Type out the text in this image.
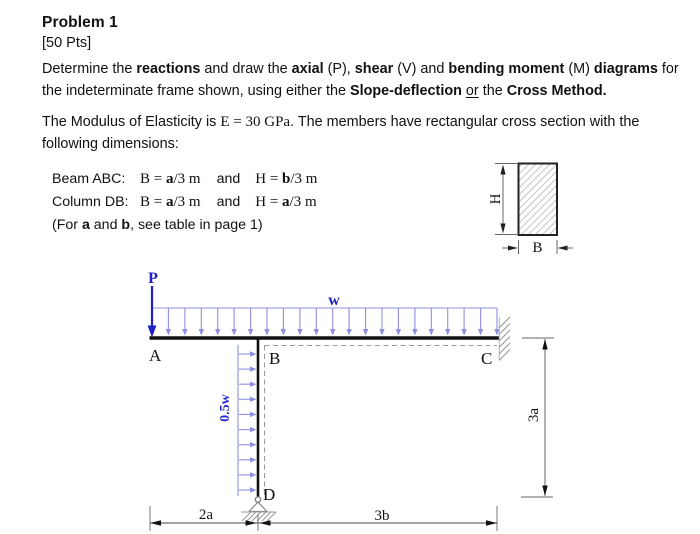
Problem 1
[50 Pts]

Determine the reactions and draw the axial (P), shear (V) and bending moment (M) diagrams for the indeterminate frame shown, using either the Slope-deflection or the Cross Method.

The Modulus of Elasticity is E = 30 GPa. The members have rectangular cross section with the following dimensions:

Beam ABC: B = a/3 m and H = b/3 m
Column DB: B = a/3 m and H = a/3 m
(For a and b, see table in page 1)
H
B
w
0.5w
P
A	B	C
D
2a	3b
3a
